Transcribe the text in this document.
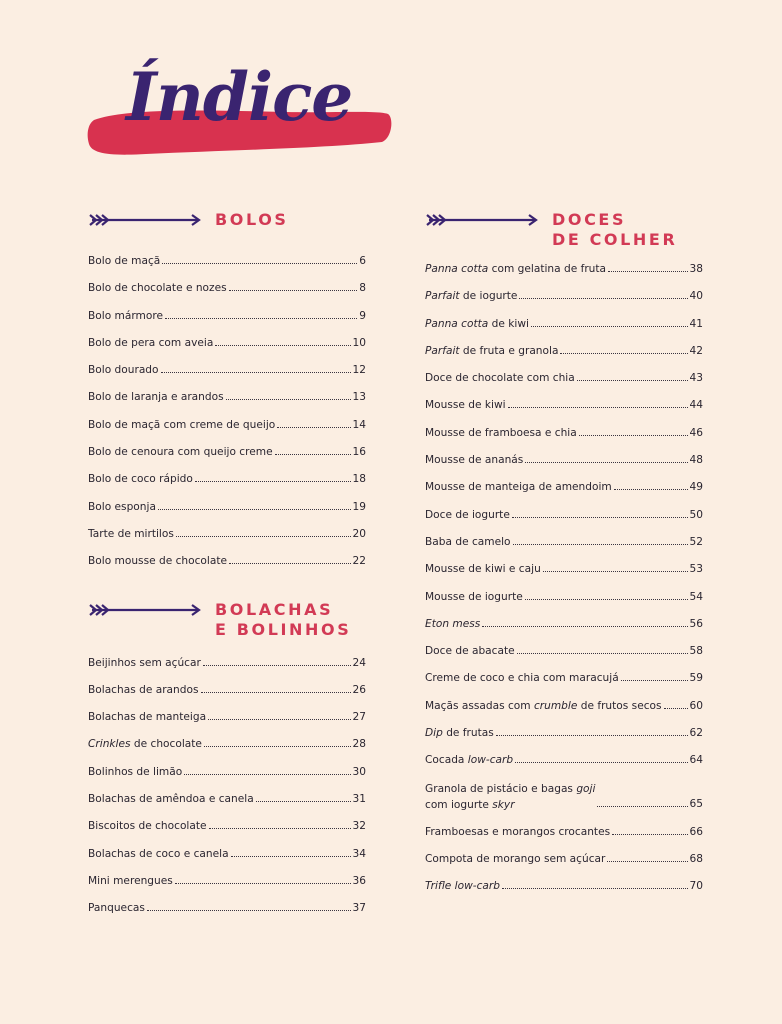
Índice
BOLOS
Bolo de maçã	6
Bolo de chocolate e nozes	8
Bolo mármore	9
Bolo de pera com aveia	10
Bolo dourado	12
Bolo de laranja e arandos	13
Bolo de maçã com creme de queijo	14
Bolo de cenoura com queijo creme	16
Bolo de coco rápido	18
Bolo esponja	19
Tarte de mirtilos	20
Bolo mousse de chocolate	22
BOLACHAS
E BOLINHOS
Beijinhos sem açúcar	24
Bolachas de arandos	26
Bolachas de manteiga	27
Crinkles de chocolate	28
Bolinhos de limão	30
Bolachas de amêndoa e canela	31
Biscoitos de chocolate	32
Bolachas de coco e canela	34
Mini merengues	36
Panquecas	37
DOCES
DE COLHER
Panna cotta com gelatina de fruta	38
Parfait de iogurte	40
Panna cotta de kiwi	41
Parfait de fruta e granola	42
Doce de chocolate com chia	43
Mousse de kiwi	44
Mousse de framboesa e chia	46
Mousse de ananás	48
Mousse de manteiga de amendoim	49
Doce de iogurte	50
Baba de camelo	52
Mousse de kiwi e caju	53
Mousse de iogurte	54
Eton mess	56
Doce de abacate	58
Creme de coco e chia com maracujá	59
Maçãs assadas com crumble de frutos secos	60
Dip de frutas	62
Cocada low-carb	64
Granola de pistácio e bagas goji
com iogurte skyr	65
Framboesas e morangos crocantes	66
Compota de morango sem açúcar	68
Trifle low-carb	70
